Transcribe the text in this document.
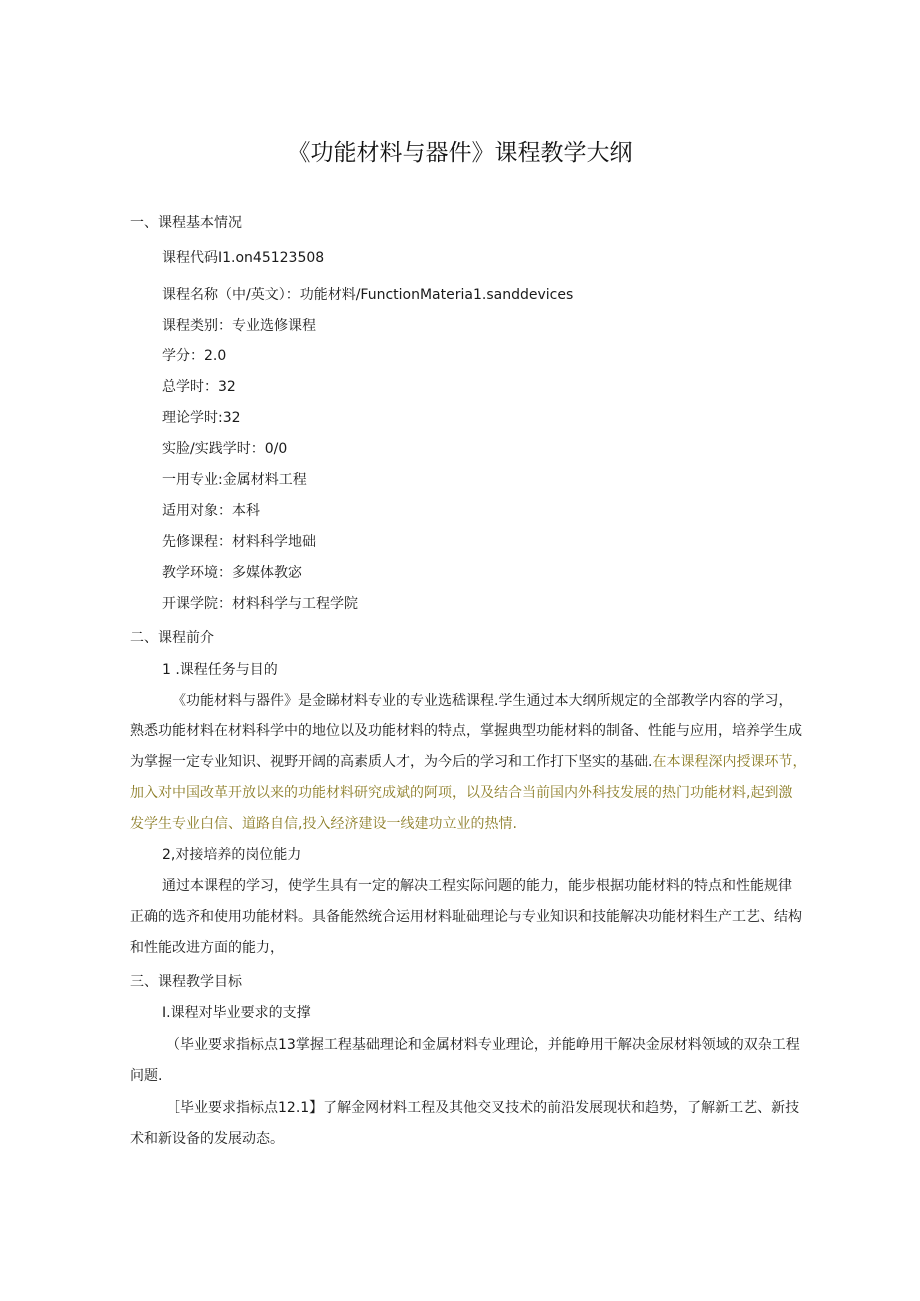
《功能材料与器件》课程教学大纲
一、课程基本情况
课程代码I1.on45123508
课程名称（中/英文）：功能材料/FunctionMateria1.sanddevices
课程类别：专业选修课程
学分：2.0
总学时：32
理论学时:32
实脸/实践学时：0/0
一用专业:金属材料工程
适用对象：本科
先修课程：材料科学地础
教学环境：多媒体教宓
开课学院：材料科学与工程学院
二、课程前介
1 .课程任务与目的
《功能材料与器件》是金睇材料专业的专业选嵇课程.学生通过本大纲所规定的全部教学内容的学习，
熟悉功能材料在材料科学中的地位以及功能材料的特点，掌握典型功能材料的制备、性能与应用，培养学生成
为掌握一定专业知识、视野开阔的高素质人才，为今后的学习和工作打下坚实的基础.在本课程深内授课环节，
加入对中国改革开放以来的功能材料研究成斌的阿项，以及结合当前国内外科技发展的热门功能材料,起到激
发学生专业白信、道路自信,投入经济建设一线建功立业的热情.
2,对接培养的岗位能力
通过本课程的学习，使学生具有一定的解决工程实际问题的能力，能步根据功能材料的特点和性能规律
正确的选齐和使用功能材料。具备能然统合运用材料耻础理论与专业知识和技能解决功能材料生产工艺、结构
和性能改进方面的能力，
三、课程教学目标
I.课程对毕业要求的支撑
（毕业要求指标点13掌握工程基础理论和金属材料专业理论，并能峥用干解决金尿材料领域的双杂工程
问题.
［毕业要求指标点12.1】了解金网材料工程及其他交叉技术的前沿发展现状和趋势，了解新工艺、新技
术和新设备的发展动态。
